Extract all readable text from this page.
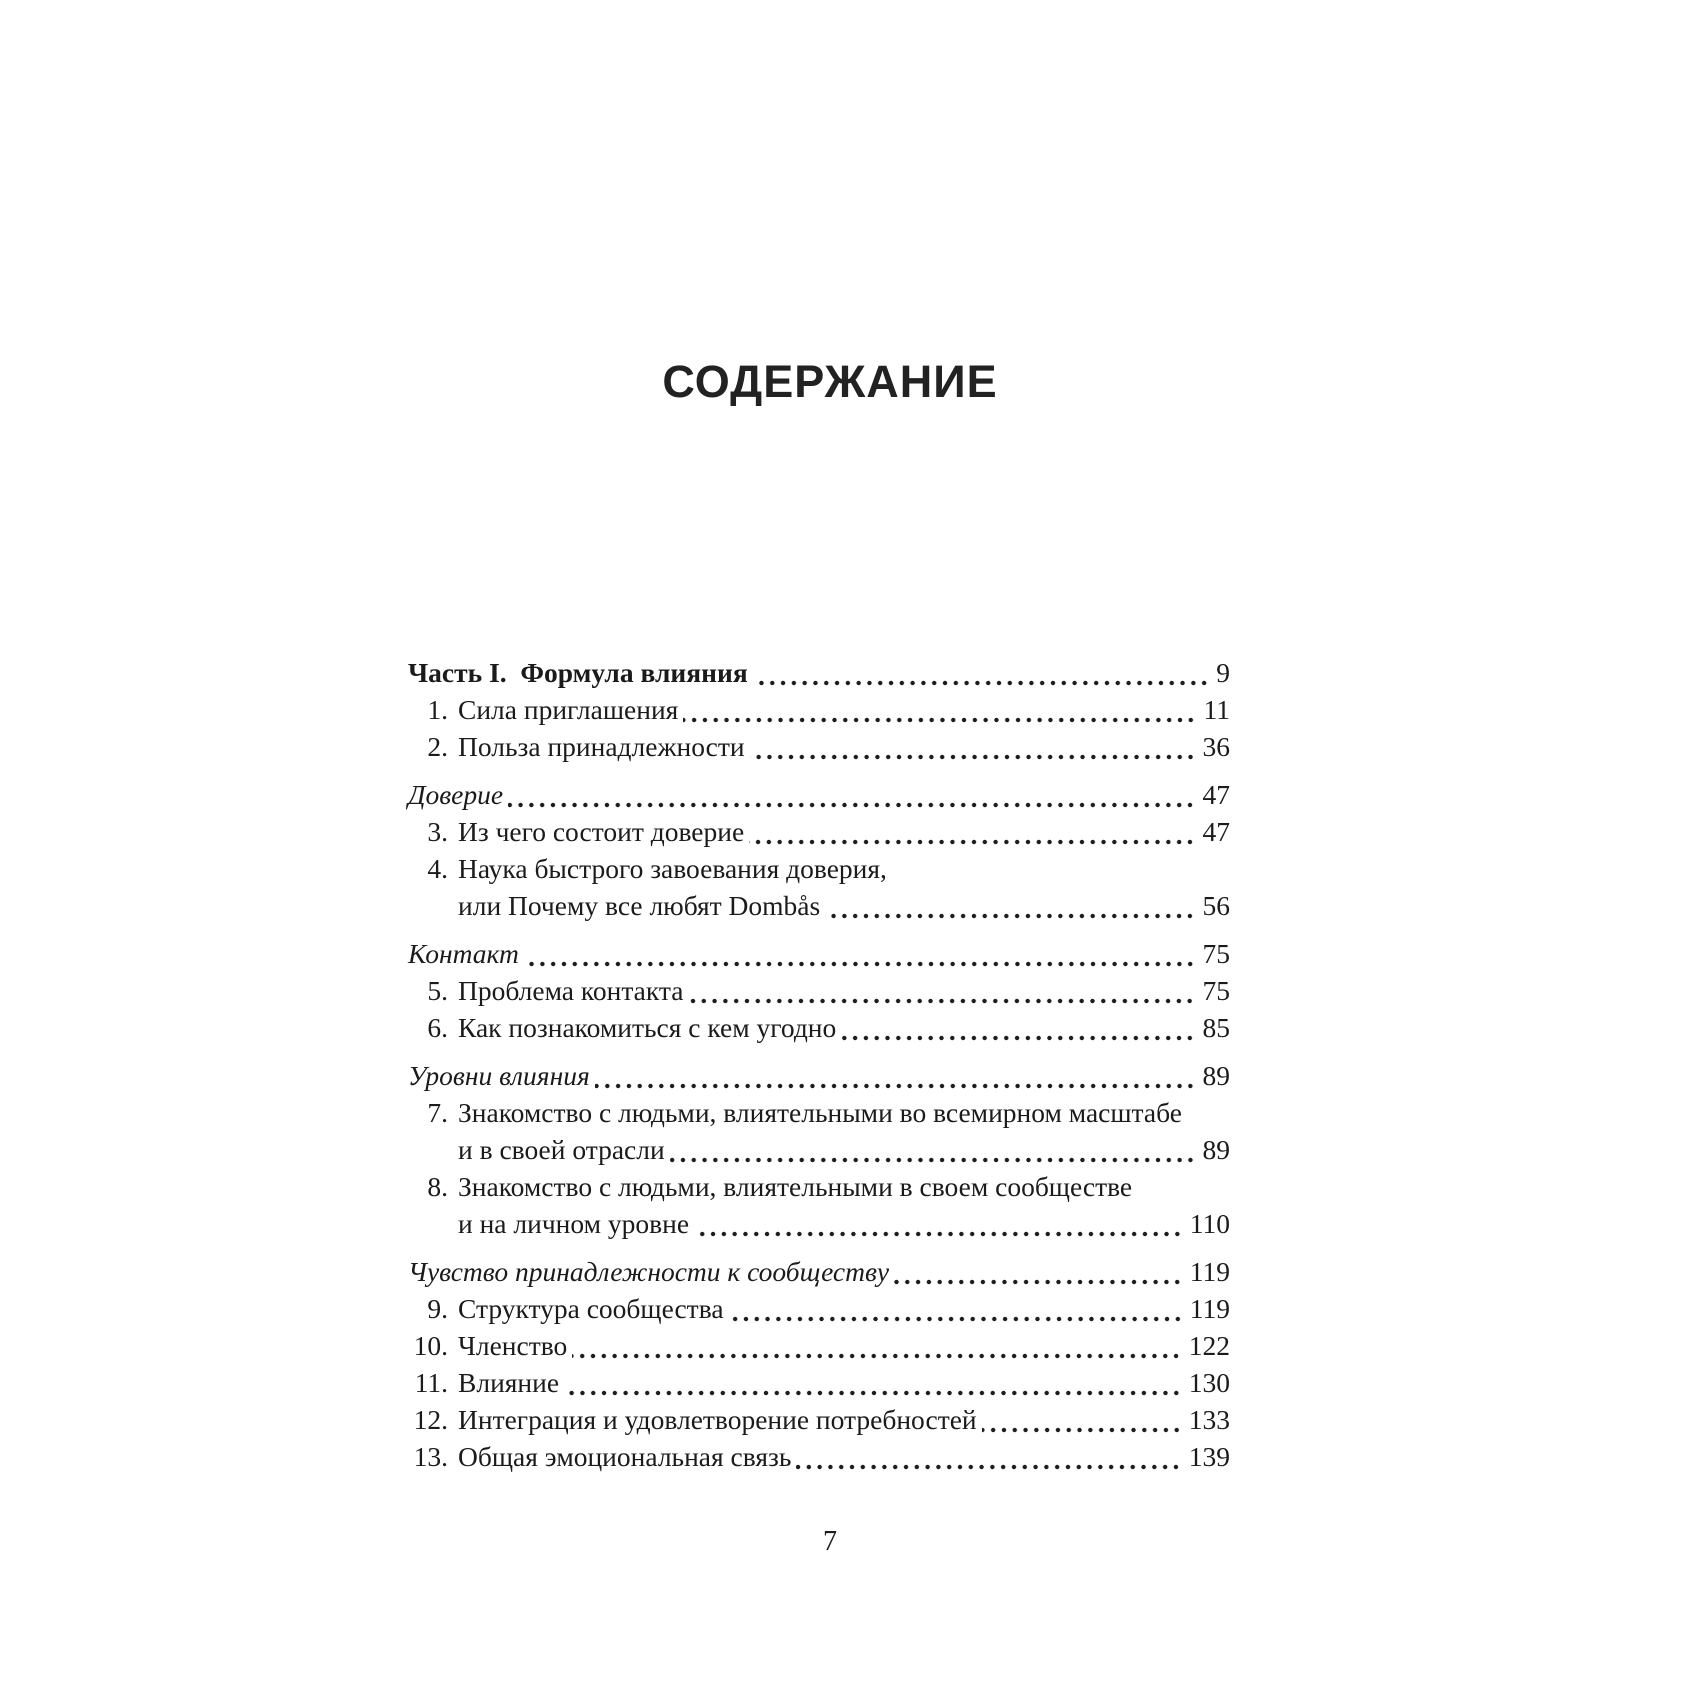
СОДЕРЖАНИЕ
Часть I. Формула влияния	9
1. Сила приглашения	11
2. Польза принадлежности	36
Доверие	47
3. Из чего состоит доверие	47
4. Наука быстрого завоевания доверия,
или Почему все любят Dombås	56
Контакт	75
5. Проблема контакта	75
6. Как познакомиться с кем угодно	85
Уровни влияния	89
7. Знакомство с людьми, влиятельными во всемирном масштабе
и в своей отрасли	89
8. Знакомство с людьми, влиятельными в своем сообществе
и на личном уровне	110
Чувство принадлежности к сообществу	119
9. Структура сообщества	119
10. Членство	122
11. Влияние	130
12. Интеграция и удовлетворение потребностей	133
13. Общая эмоциональная связь	139
7
